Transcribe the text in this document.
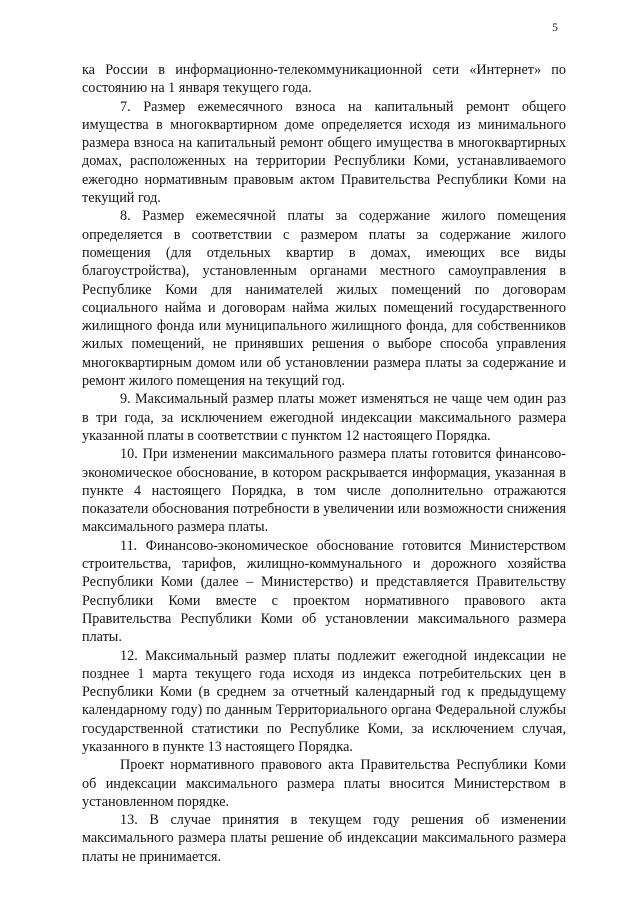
5

ка России в информационно-телекоммуникационной сети «Интернет» по состоянию на 1 января текущего года.

7. Размер ежемесячного взноса на капитальный ремонт общего имущества в многоквартирном доме определяется исходя из минимального размера взноса на капитальный ремонт общего имущества в многоквартирных домах, расположенных на территории Республики Коми, устанавливаемого ежегодно нормативным правовым актом Правительства Республики Коми на текущий год.

8. Размер ежемесячной платы за содержание жилого помещения определяется в соответствии с размером платы за содержание жилого помещения (для отдельных квартир в домах, имеющих все виды благоустройства), установленным органами местного самоуправления в Республике Коми для нанимателей жилых помещений по договорам социального найма и договорам найма жилых помещений государственного жилищного фонда или муниципального жилищного фонда, для собственников жилых помещений, не принявших решения о выборе способа управления многоквартирным домом или об установлении размера платы за содержание и ремонт жилого помещения на текущий год.

9. Максимальный размер платы может изменяться не чаще чем один раз в три года, за исключением ежегодной индексации максимального размера указанной платы в соответствии с пунктом 12 настоящего Порядка.

10. При изменении максимального размера платы готовится финансово-экономическое обоснование, в котором раскрывается информация, указанная в пункте 4 настоящего Порядка, в том числе дополнительно отражаются показатели обоснования потребности в увеличении или возможности снижения максимального размера платы.

11. Финансово-экономическое обоснование готовится Министерством строительства, тарифов, жилищно-коммунального и дорожного хозяйства Республики Коми (далее – Министерство) и представляется Правительству Республики Коми вместе с проектом нормативного правового акта Правительства Республики Коми об установлении максимального размера платы.

12. Максимальный размер платы подлежит ежегодной индексации не позднее 1 марта текущего года исходя из индекса потребительских цен в Республики Коми (в среднем за отчетный календарный год к предыдущему календарному году) по данным Территориального органа Федеральной службы государственной статистики по Республике Коми, за исключением случая, указанного в пункте 13 настоящего Порядка.

Проект нормативного правового акта Правительства Республики Коми об индексации максимального размера платы вносится Министерством в установленном порядке.

13. В случае принятия в текущем году решения об изменении максимального размера платы решение об индексации максимального размера платы не принимается.
